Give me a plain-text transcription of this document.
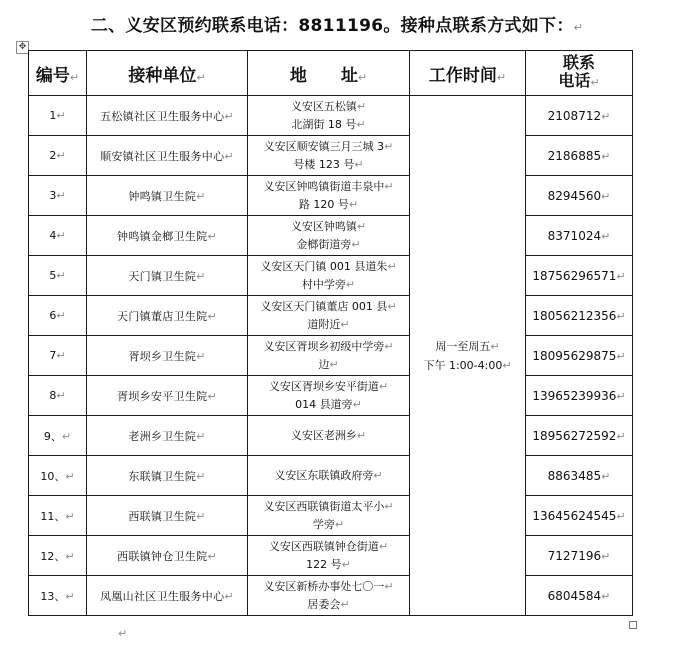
二、义安区预约联系电话：8811196。接种点联系方式如下：↵
✥
编号↵	接种单位↵	地　　址↵	工作时间↵	联系
电话↵
1↵	五松镇社区卫生服务中心↵	义安区五松镇↵
北湖街 18 号↵	周一至周五↵
下午 1:00-4:00↵	2108712↵
2↵	顺安镇社区卫生服务中心↵	义安区顺安镇三月三城 3↵
号楼 123 号↵		2186885↵
3↵	钟鸣镇卫生院↵	义安区钟鸣镇街道丰泉中↵
路 120 号↵		8294560↵
4↵	钟鸣镇金榔卫生院↵	义安区钟鸣镇↵
金榔街道旁↵		8371024↵
5↵	天门镇卫生院↵	义安区天门镇 001 县道朱↵
村中学旁↵		18756296571↵
6↵	天门镇董店卫生院↵	义安区天门镇董店 001 县↵
道附近↵		18056212356↵
7↵	胥坝乡卫生院↵	义安区胥坝乡初级中学旁↵
边↵		18095629875↵
8↵	胥坝乡安平卫生院↵	义安区胥坝乡安平街道↵
014 县道旁↵		13965239936↵
9、↵	老洲乡卫生院↵	义安区老洲乡↵		18956272592↵
10、↵	东联镇卫生院↵	义安区东联镇政府旁↵		8863485↵
11、↵	西联镇卫生院↵	义安区西联镇街道太平小↵
学旁↵		13645624545↵
12、↵	西联镇钟仓卫生院↵	义安区西联镇钟仓街道↵
122 号↵		7127196↵
13、↵	凤凰山社区卫生服务中心↵	义安区新桥办事处七〇一↵
居委会↵		6804584↵
↵
